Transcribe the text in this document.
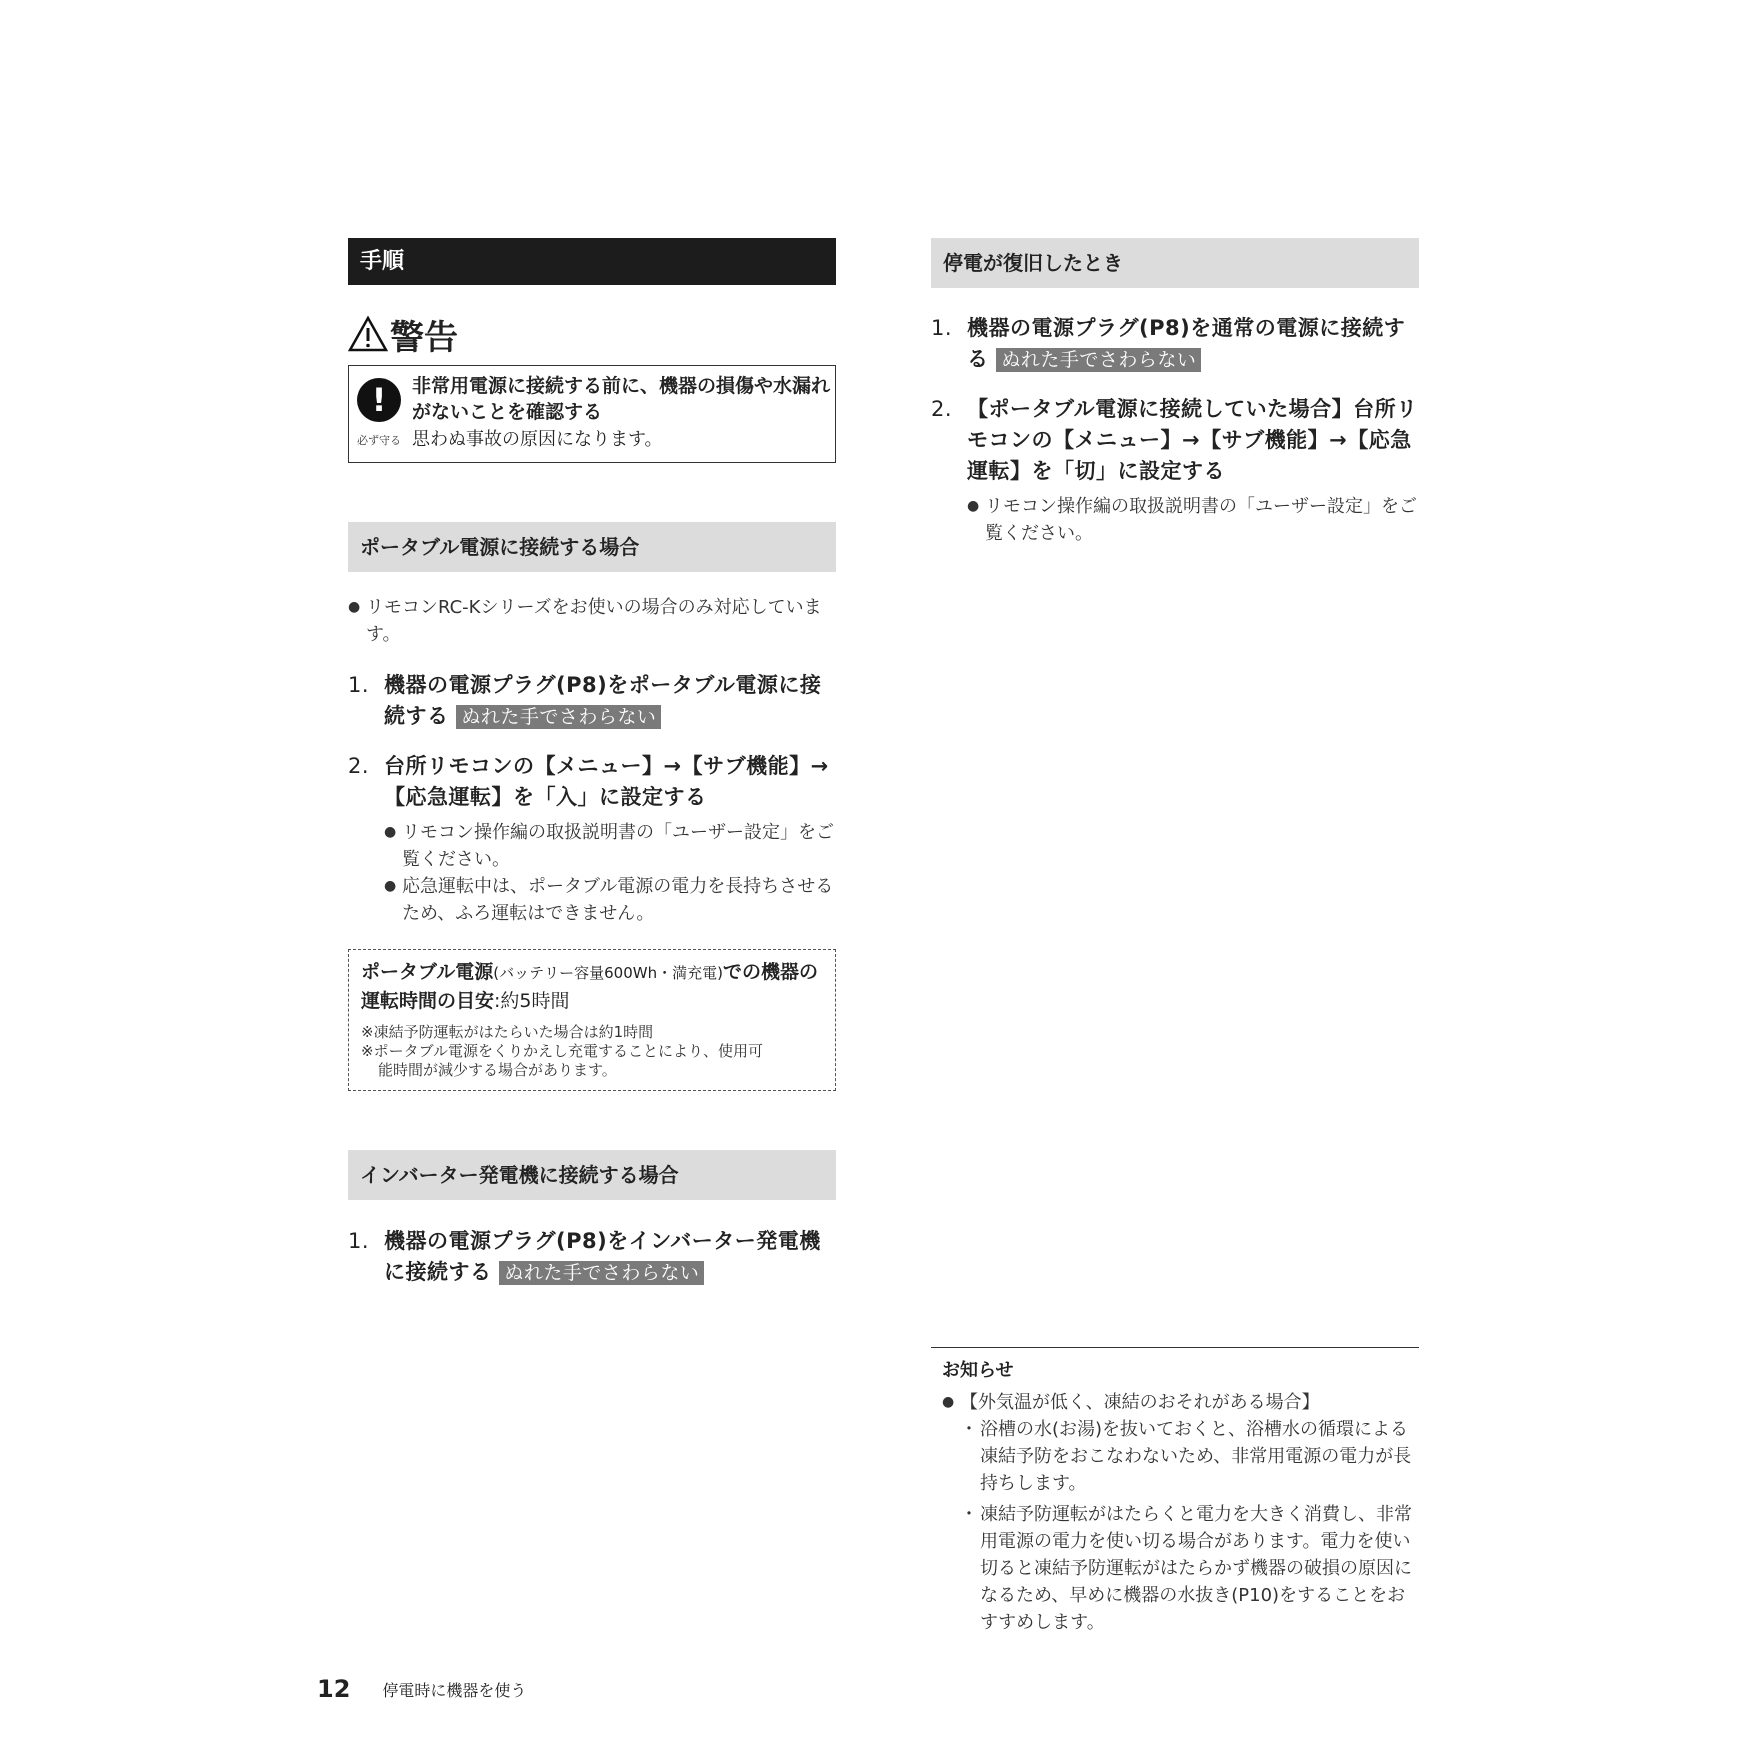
手順
警告
!
必ず守る
非常用電源に接続する前に、機器の損傷や水漏れがないことを確認する
思わぬ事故の原因になります。
ポータブル電源に接続する場合
● リモコンRC-Kシリーズをお使いの場合のみ対応しています。
1. 機器の電源プラグ(P8)をポータブル電源に接続する ぬれた手でさわらない
2. 台所リモコンの【メニュー】→【サブ機能】→【応急運転】を「入」に設定する
● リモコン操作編の取扱説明書の「ユーザー設定」をご覧ください。
● 応急運転中は、ポータブル電源の電力を長持ちさせるため、ふろ運転はできません。
ポータブル電源(バッテリー容量600Wh・満充電)での機器の運転時間の目安:約5時間
※凍結予防運転がはたらいた場合は約1時間
※ポータブル電源をくりかえし充電することにより、使用可
能時間が減少する場合があります。
インバーター発電機に接続する場合
1. 機器の電源プラグ(P8)をインバーター発電機に接続する ぬれた手でさわらない
停電が復旧したとき
1. 機器の電源プラグ(P8)を通常の電源に接続する ぬれた手でさわらない
2. 【ポータブル電源に接続していた場合】台所リモコンの【メニュー】→【サブ機能】→【応急運転】を「切」に設定する
● リモコン操作編の取扱説明書の「ユーザー設定」をご覧ください。
お知らせ
● 【外気温が低く、凍結のおそれがある場合】
・ 浴槽の水(お湯)を抜いておくと、浴槽水の循環による凍結予防をおこなわないため、非常用電源の電力が長持ちします。
・ 凍結予防運転がはたらくと電力を大きく消費し、非常用電源の電力を使い切る場合があります。電力を使い切ると凍結予防運転がはたらかず機器の破損の原因になるため、早めに機器の水抜き(P10)をすることをおすすめします。
12 停電時に機器を使う
